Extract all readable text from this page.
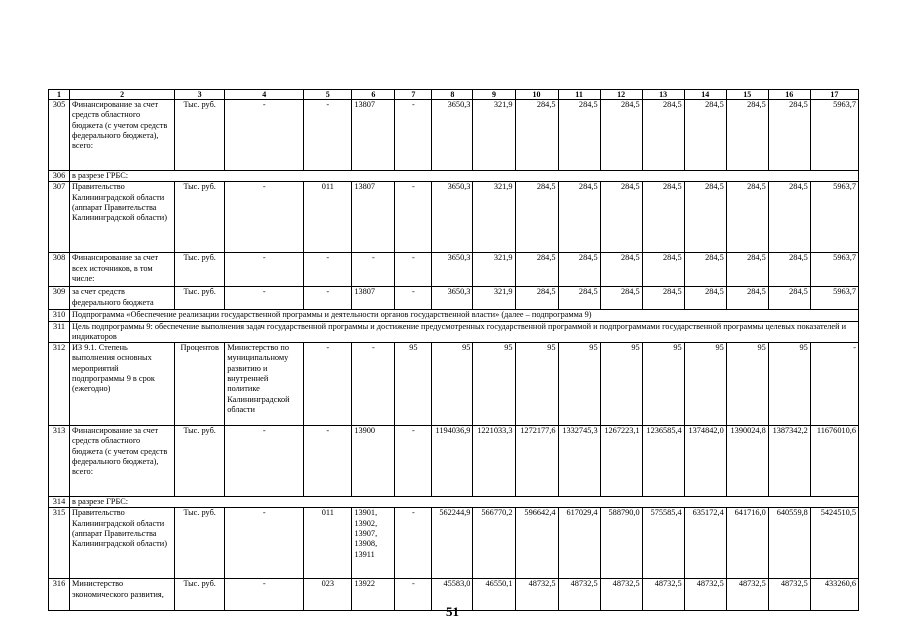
1	2	3	4	5	6	7	8	9	10	11	12	13	14	15	16	17
305	Финансирование за счет средств областного бюджета (с учетом средств федерального бюджета), всего:	Тыс. руб.	-	-	13807	-	3650,3	321,9	284,5	284,5	284,5	284,5	284,5	284,5	284,5	5963,7
306	в разрезе ГРБС:															
307	Правительство Калининградской области (аппарат Правительства Калининградской области)	Тыс. руб.	-	011	13807	-	3650,3	321,9	284,5	284,5	284,5	284,5	284,5	284,5	284,5	5963,7
308	Финансирование за счет всех источников, в том числе:	Тыс. руб.	-	-	-	-	3650,3	321,9	284,5	284,5	284,5	284,5	284,5	284,5	284,5	5963,7
309	за счет средств федерального бюджета	Тыс. руб.	-	-	13807	-	3650,3	321,9	284,5	284,5	284,5	284,5	284,5	284,5	284,5	5963,7
310	Подпрограмма «Обеспечение реализации государственной программы и деятельности органов государственной власти» (далее – подпрограмма 9)															
311	Цель подпрограммы 9: обеспечение выполнения задач государственной программы и достижение предусмотренных государственной программой и подпрограммами государственной программы целевых показателей и индикаторов															
312	ИЗ 9.1. Степень выполнения основных мероприятий подпрограммы 9 в срок (ежегодно)	Процентов	Министерство по муниципальному развитию и внутренней политике Калининградской области	-	-	95	95	95	95	95	95	95	95	95	95	-
313	Финансирование за счет средств областного бюджета (с учетом средств федерального бюджета), всего:	Тыс. руб.	-	-	13900	-	1194036,9	1221033,3	1272177,6	1332745,3	1267223,1	1236585,4	1374842,0	1390024,8	1387342,2	11676010,6
314	в разрезе ГРБС:															
315	Правительство Калининградской области (аппарат Правительства Калининградской области)	Тыс. руб.	-	011	13901, 13902, 13907, 13908, 13911	-	562244,9	566770,2	596642,4	617029,4	588790,0	575585,4	635172,4	641716,0	640559,8	5424510,5
316	Министерство экономического развития,	Тыс. руб.	-	023	13922	-	45583,0	46550,1	48732,5	48732,5	48732,5	48732,5	48732,5	48732,5	48732,5	433260,6
51
